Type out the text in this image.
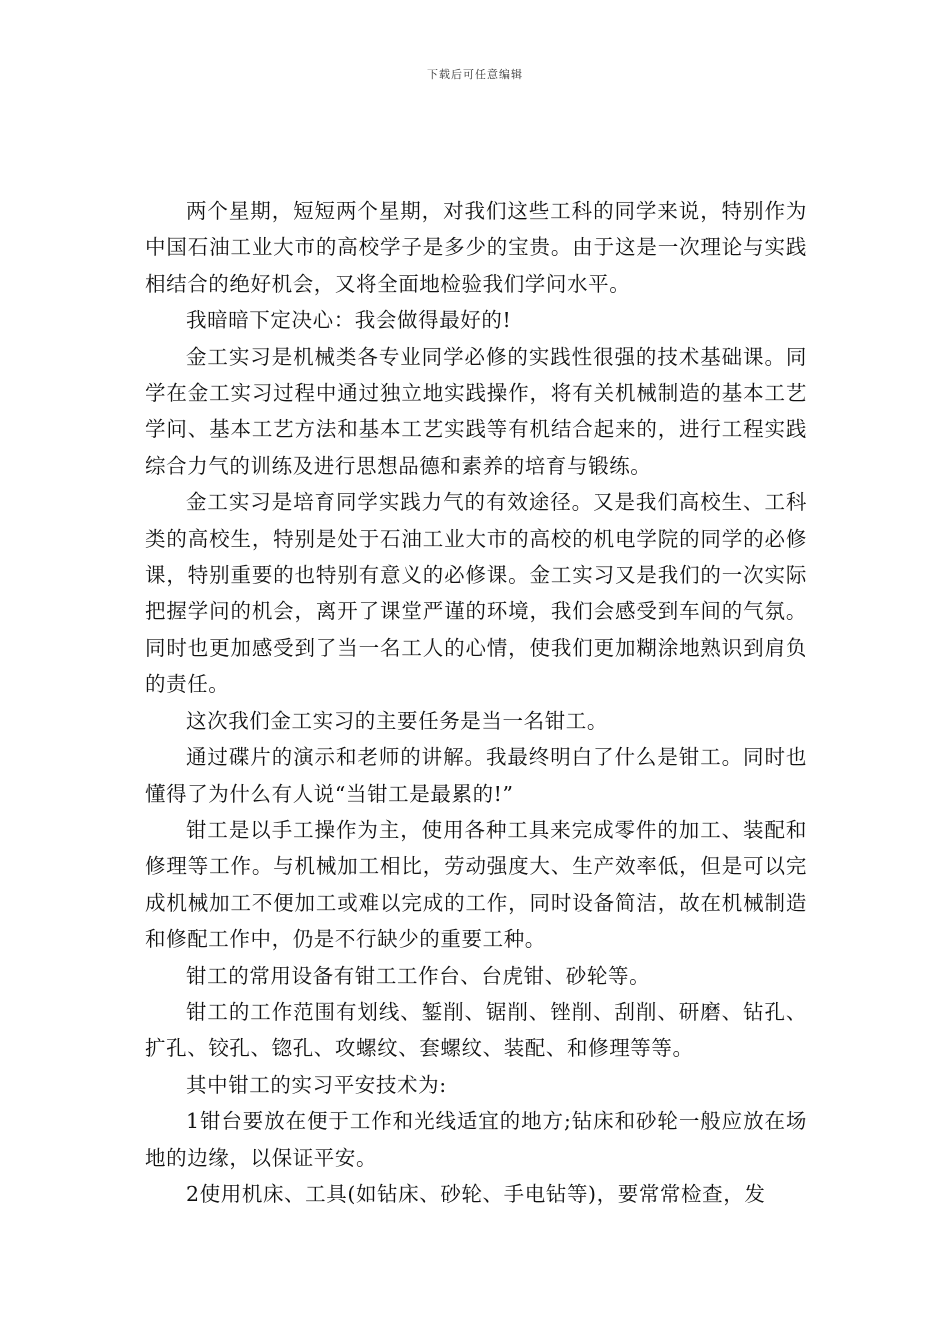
下载后可任意编辑

两个星期，短短两个星期，对我们这些工科的同学来说，特别作为中国石油工业大市的高校学子是多少的宝贵。由于这是一次理论与实践相结合的绝好机会，又将全面地检验我们学问水平。

我暗暗下定决心：我会做得最好的!

金工实习是机械类各专业同学必修的实践性很强的技术基础课。同学在金工实习过程中通过独立地实践操作，将有关机械制造的基本工艺学问、基本工艺方法和基本工艺实践等有机结合起来的，进行工程实践综合力气的训练及进行思想品德和素养的培育与锻练。

金工实习是培育同学实践力气的有效途径。又是我们高校生、工科类的高校生，特别是处于石油工业大市的高校的机电学院的同学的必修课，特别重要的也特别有意义的必修课。金工实习又是我们的一次实际把握学问的机会，离开了课堂严谨的环境，我们会感受到车间的气氛。同时也更加感受到了当一名工人的心情，使我们更加糊涂地熟识到肩负的责任。

这次我们金工实习的主要任务是当一名钳工。

通过碟片的演示和老师的讲解。我最终明白了什么是钳工。同时也懂得了为什么有人说“当钳工是最累的!”

钳工是以手工操作为主，使用各种工具来完成零件的加工、装配和修理等工作。与机械加工相比，劳动强度大、生产效率低，但是可以完成机械加工不便加工或难以完成的工作，同时设备简洁，故在机械制造和修配工作中，仍是不行缺少的重要工种。

钳工的常用设备有钳工工作台、台虎钳、砂轮等。

钳工的工作范围有划线、錾削、锯削、锉削、刮削、研磨、钻孔、扩孔、铰孔、锪孔、攻螺纹、套螺纹、装配、和修理等等。

其中钳工的实习平安技术为:

1钳台要放在便于工作和光线适宜的地方;钻床和砂轮一般应放在场地的边缘，以保证平安。

2使用机床、工具(如钻床、砂轮、手电钻等)，要常常检查，发
